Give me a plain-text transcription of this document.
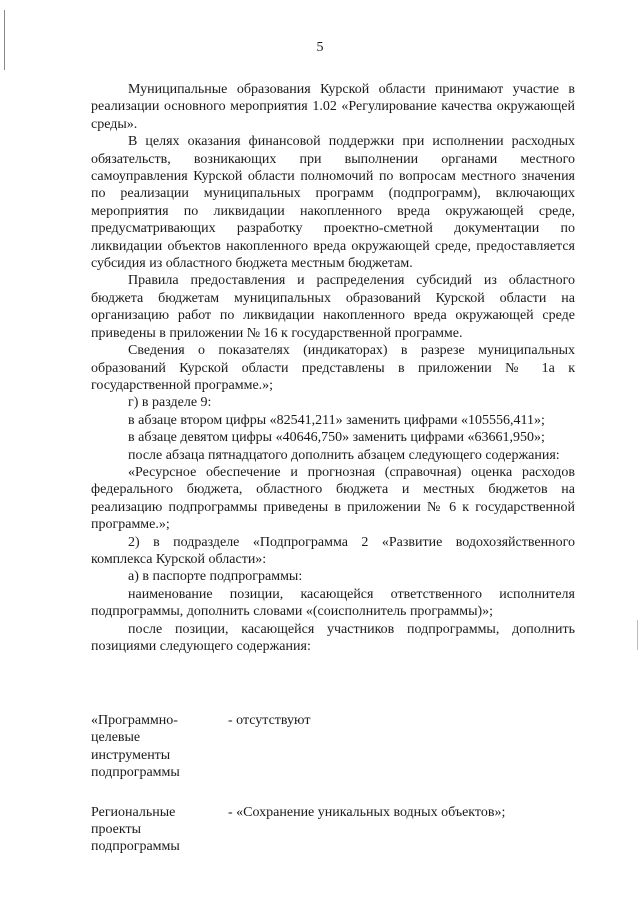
5

Муниципальные образования Курской области принимают участие в реализации основного мероприятия 1.02 «Регулирование качества окружающей среды».

В целях оказания финансовой поддержки при исполнении расходных обязательств, возникающих при выполнении органами местного самоуправления Курской области полномочий по вопросам местного значения по реализации муниципальных программ (подпрограмм), включающих мероприятия по ликвидации накопленного вреда окружающей среде, предусматривающих разработку проектно-сметной документации по ликвидации объектов накопленного вреда окружающей среде, предоставляется субсидия из областного бюджета местным бюджетам.

Правила предоставления и распределения субсидий из областного бюджета бюджетам муниципальных образований Курской области на организацию работ по ликвидации накопленного вреда окружающей среде приведены в приложении № 16 к государственной программе.

Сведения о показателях (индикаторах) в разрезе муниципальных образований Курской области представлены в приложении № 1а к государственной программе.»;

г) в разделе 9:

в абзаце втором цифры «82541,211» заменить цифрами «105556,411»;

в абзаце девятом цифры «40646,750» заменить цифрами «63661,950»;

после абзаца пятнадцатого дополнить абзацем следующего содержания:

«Ресурсное обеспечение и прогнозная (справочная) оценка расходов федерального бюджета, областного бюджета и местных бюджетов на реализацию подпрограммы приведены в приложении № 6 к государственной программе.»;

2) в подразделе «Подпрограмма 2 «Развитие водохозяйственного комплекса Курской области»:

а) в паспорте подпрограммы:

наименование позиции, касающейся ответственного исполнителя подпрограммы, дополнить словами «(соисполнитель программы)»;

после позиции, касающейся участников подпрограммы, дополнить позициями следующего содержания:

«Программно-целевые инструменты подпрограммы
- отсутствуют
Региональные проекты подпрограммы
- «Сохранение уникальных водных объектов»;
